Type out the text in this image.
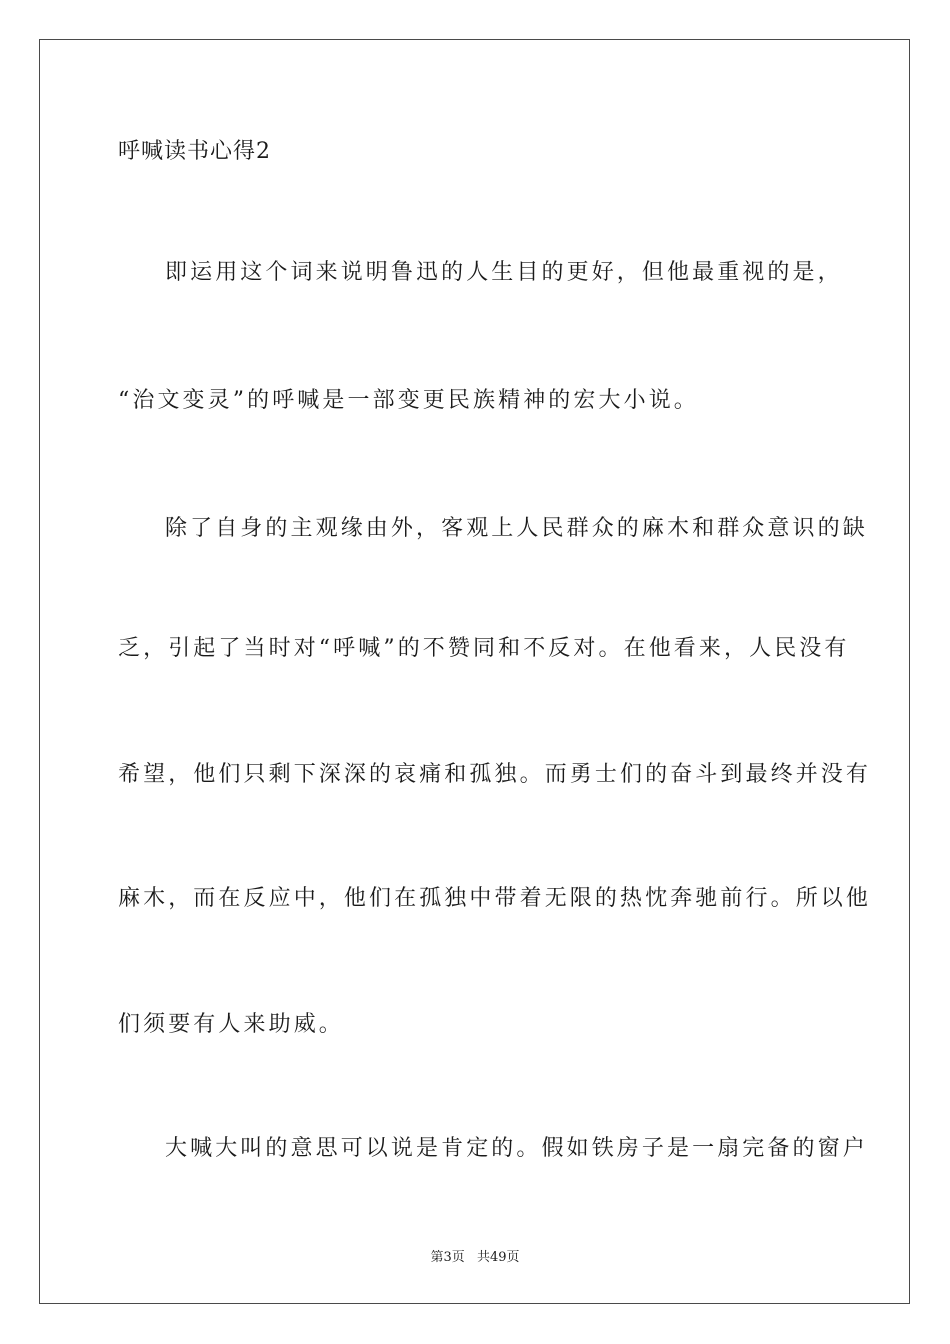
呼喊读书心得2
即运用这个词来说明鲁迅的人生目的更好，但他最重视的是，
“治文变灵”的呼喊是一部变更民族精神的宏大小说。
除了自身的主观缘由外，客观上人民群众的麻木和群众意识的缺
乏，引起了当时对“呼喊”的不赞同和不反对。在他看来，人民没有
希望，他们只剩下深深的哀痛和孤独。而勇士们的奋斗到最终并没有
麻木，而在反应中，他们在孤独中带着无限的热忱奔驰前行。所以他
们须要有人来助威。
大喊大叫的意思可以说是肯定的。假如铁房子是一扇完备的窗户
第3页 共49页
